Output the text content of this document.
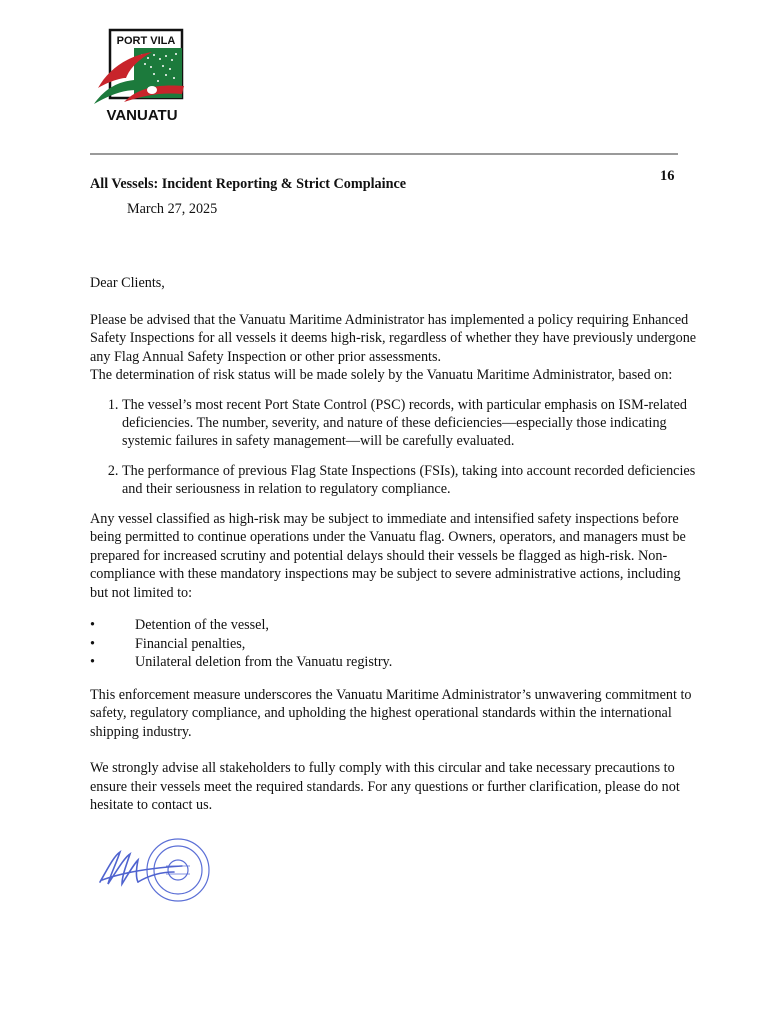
PORT VILA
VANUATU
16
All Vessels: Incident Reporting & Strict Complaince
March 27, 2025

Dear Clients,

Please be advised that the Vanuatu Maritime Administrator has implemented a policy requiring Enhanced Safety Inspections for all vessels it deems high-risk, regardless of whether they have previously undergone any Flag Annual Safety Inspection or other prior assessments.

The determination of risk status will be made solely by the Vanuatu Maritime Administrator, based on:

1. The vessel’s most recent Port State Control (PSC) records, with particular emphasis on ISM-related deficiencies. The number, severity, and nature of these deficiencies—especially those indicating systemic failures in safety management—will be carefully evaluated.
2. The performance of previous Flag State Inspections (FSIs), taking into account recorded deficiencies and their seriousness in relation to regulatory compliance.

Any vessel classified as high-risk may be subject to immediate and intensified safety inspections before being permitted to continue operations under the Vanuatu flag. Owners, operators, and managers must be prepared for increased scrutiny and potential delays should their vessels be flagged as high-risk. Non-compliance with these mandatory inspections may be subject to severe administrative actions, including but not limited to:

•	Detention of the vessel,
•	Financial penalties,
•	Unilateral deletion from the Vanuatu registry.

This enforcement measure underscores the Vanuatu Maritime Administrator’s unwavering commitment to safety, regulatory compliance, and upholding the highest operational standards within the international shipping industry.

We strongly advise all stakeholders to fully comply with this circular and take necessary precautions to ensure their vessels meet the required standards. For any questions or further clarification, please do not hesitate to contact us.
